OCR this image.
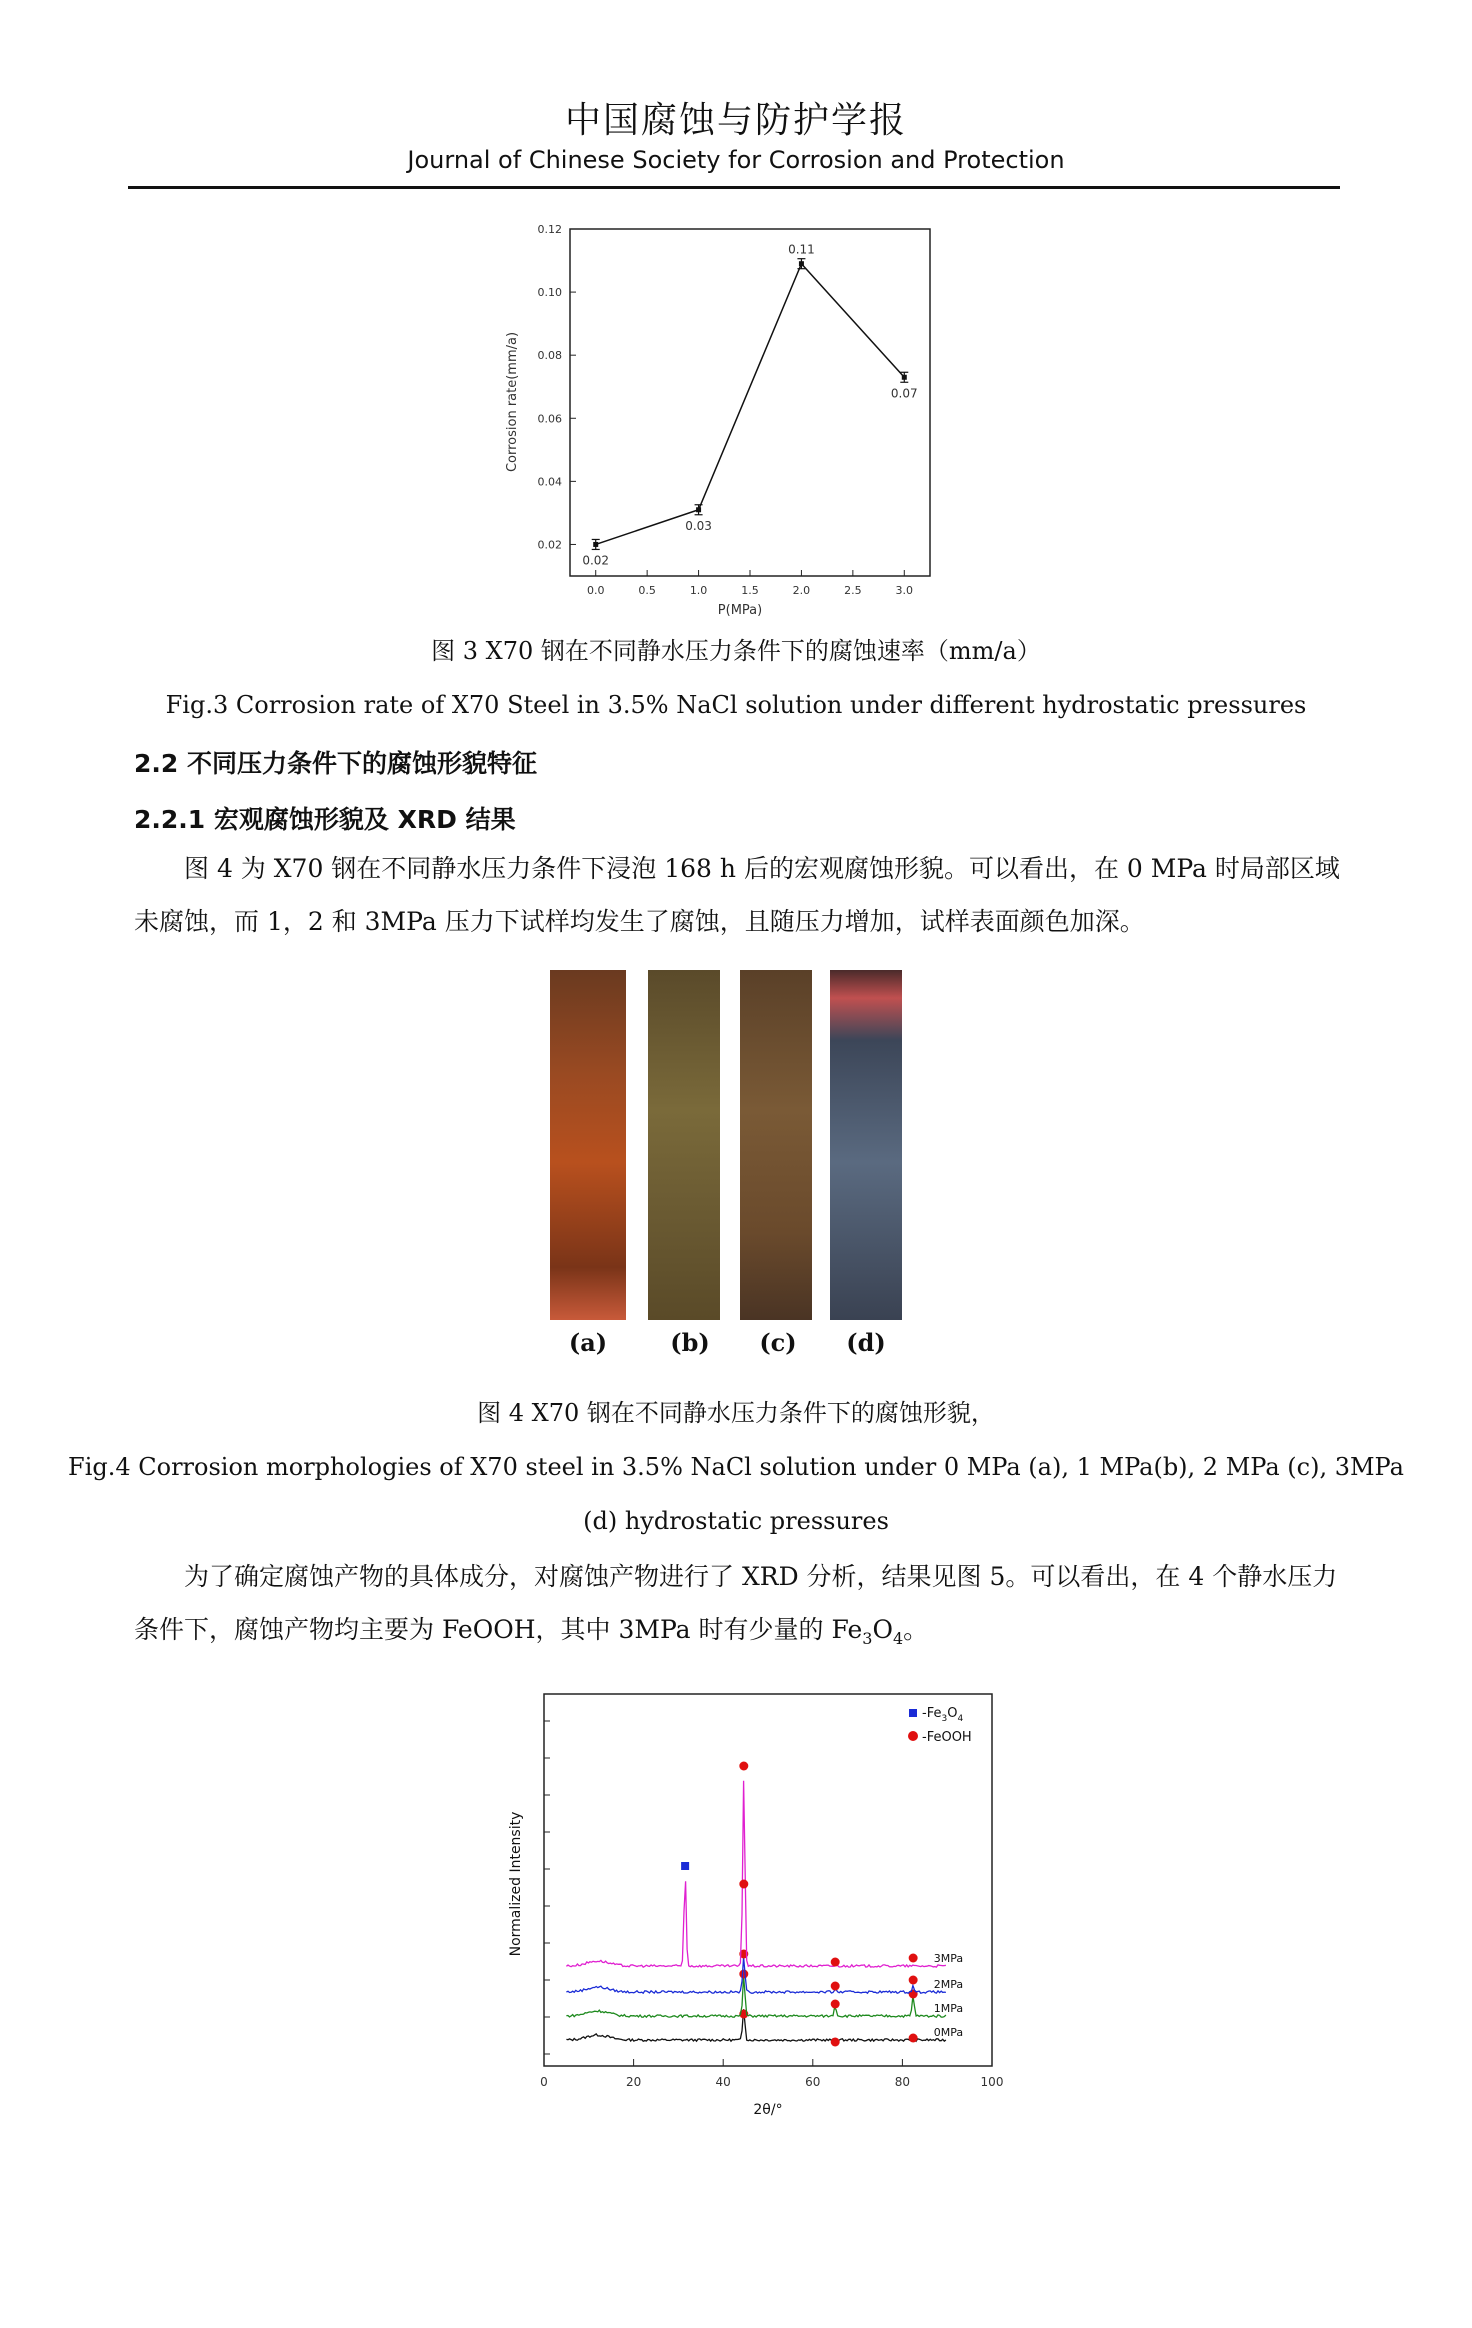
中国腐蚀与防护学报
Journal of Chinese Society for Corrosion and Protection
0.02
0.04
0.06
0.08
0.10
0.12
0.0	0.5	1.0	1.5	2.0	2.5	3.0
0.02
0.03
0.11
0.07
P(MPa)
Corrosion rate(mm/a)
图 3 X70 钢在不同静水压力条件下的腐蚀速率（mm/a）
Fig.3 Corrosion rate of X70 Steel in 3.5% NaCl solution under different hydrostatic pressures
2.2 不同压力条件下的腐蚀形貌特征
2.2.1 宏观腐蚀形貌及 XRD 结果
图 4 为 X70 钢在不同静水压力条件下浸泡 168 h 后的宏观腐蚀形貌。可以看出，在 0 MPa 时局部区域未腐蚀，而 1，2 和 3MPa 压力下试样均发生了腐蚀，且随压力增加，试样表面颜色加深。
(a)	(b)	(c)	(d)
图 4 X70 钢在不同静水压力条件下的腐蚀形貌，
Fig.4 Corrosion morphologies of X70 steel in 3.5% NaCl solution under 0 MPa (a), 1 MPa(b), 2 MPa (c), 3MPa
(d) hydrostatic pressures
为了确定腐蚀产物的具体成分，对腐蚀产物进行了 XRD 分析，结果见图 5。可以看出，在 4 个静水压力条件下，腐蚀产物均主要为 FeOOH，其中 3MPa 时有少量的 $Fe_3O_4$。
0	20	40	60	80	100
0MPa
1MPa
2MPa
3MPa
$-Fe_3O_4$
-FeOOH
2θ/°
Normalized Intensity
